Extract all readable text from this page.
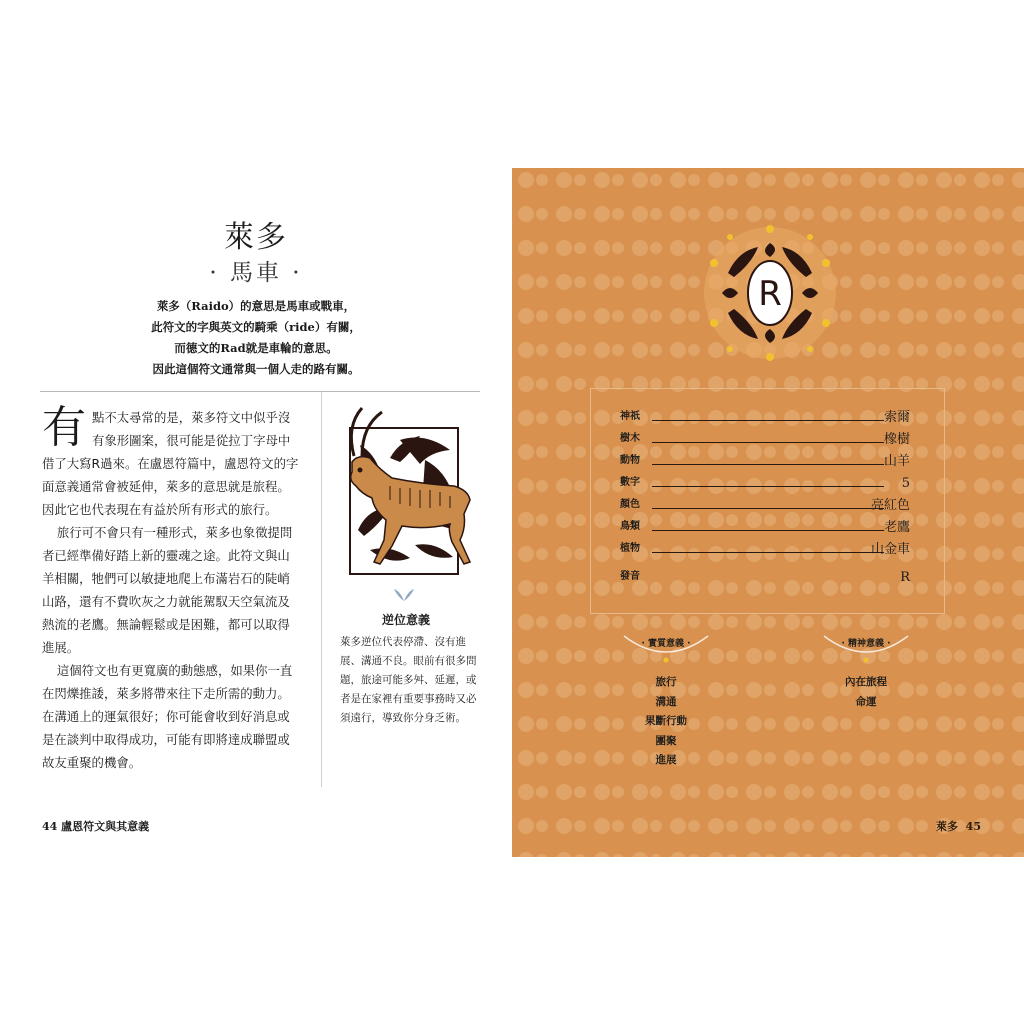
萊多
· 馬車 ·
萊多（Raido）的意思是馬車或戰車，
此符文的字與英文的騎乘（ride）有關，
而德文的Rad就是車輪的意思。
因此這個符文通常與一個人走的路有關。

有點不太尋常的是，萊多符文中似乎沒有象形圖案，很可能是從拉丁字母中借了大寫R過來。在盧恩符篇中，盧恩符文的字面意義通常會被延伸，萊多的意思就是旅程。因此它也代表現在有益於所有形式的旅行。

旅行可不會只有一種形式，萊多也象徵提問者已經準備好踏上新的靈魂之途。此符文與山羊相關，牠們可以敏捷地爬上布滿岩石的陡峭山路，還有不費吹灰之力就能駕馭天空氣流及熱流的老鷹。無論輕鬆或是困難，都可以取得進展。

這個符文也有更寬廣的動態感，如果你一直在閃爍推諉，萊多將帶來往下走所需的動力。在溝通上的運氣很好；你可能會收到好消息或是在談判中取得成功，可能有即將達成聯盟或故友重聚的機會。

逆位意義
萊多逆位代表停滯、沒有進展、溝通不良。眼前有很多問題，旅途可能多舛、延遲，或者是在家裡有重要事務時又必須遠行，導致你分身乏術。
44 盧恩符文與其意義
R
神祇	索爾
樹木	橡樹
動物	山羊
數字	5
顏色	亮紅色
鳥類	老鷹
植物	山金車
發音	R
· 實質意義 ·
旅行
溝通
果斷行動
團聚
進展
· 精神意義 ·
內在旅程
命運
萊多 45
